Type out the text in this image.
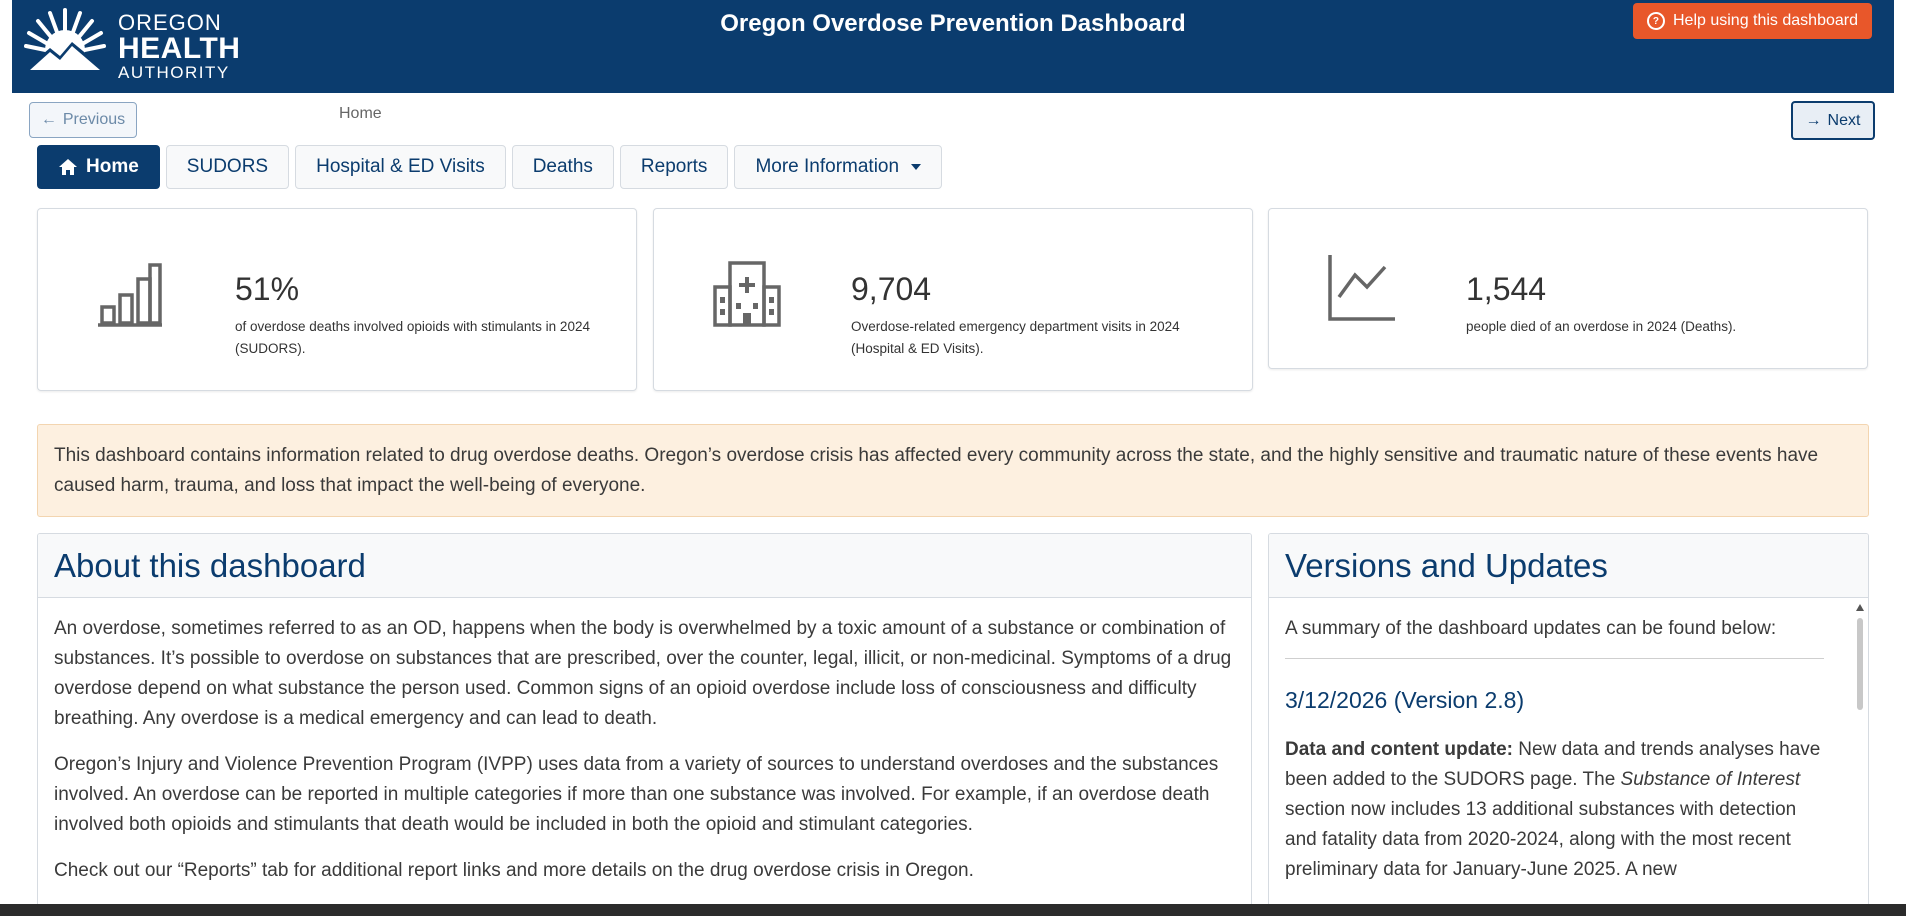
OREGON
HEALTH
AUTHORITY
Oregon Overdose Prevention Dashboard	? Help using this dashboard
← Previous	Home	→ Next
Home	SUDORS	Hospital & ED Visits	Deaths	Reports	More Information
51%
of overdose deaths involved opioids with stimulants in 2024 (SUDORS).
9,704
Overdose-related emergency department visits in 2024 (Hospital & ED Visits).
1,544
people died of an overdose in 2024 (Deaths).
This dashboard contains information related to drug overdose deaths. Oregon’s overdose crisis has affected every community across the state, and the highly sensitive and traumatic nature of these events have caused harm, trauma, and loss that impact the well-being of everyone.
About this dashboard

An overdose, sometimes referred to as an OD, happens when the body is overwhelmed by a toxic amount of a substance or combination of substances. It’s possible to overdose on substances that are prescribed, over the counter, legal, illicit, or non-medicinal. Symptoms of a drug overdose depend on what substance the person used. Common signs of an opioid overdose include loss of consciousness and difficulty breathing. Any overdose is a medical emergency and can lead to death.

Oregon’s Injury and Violence Prevention Program (IVPP) uses data from a variety of sources to understand overdoses and the substances involved. An overdose can be reported in multiple categories if more than one substance was involved. For example, if an overdose death involved both opioids and stimulants that death would be included in both the opioid and stimulant categories.

Check out our “Reports” tab for additional report links and more details on the drug overdose crisis in Oregon.

Versions and Updates

A summary of the dashboard updates can be found below:

3/12/2026 (Version 2.8)

Data and content update: New data and trends analyses have been added to the SUDORS page. The Substance of Interest section now includes 13 additional substances with detection and fatality data from 2020-2024, along with the most recent preliminary data for January-June 2025. A new
